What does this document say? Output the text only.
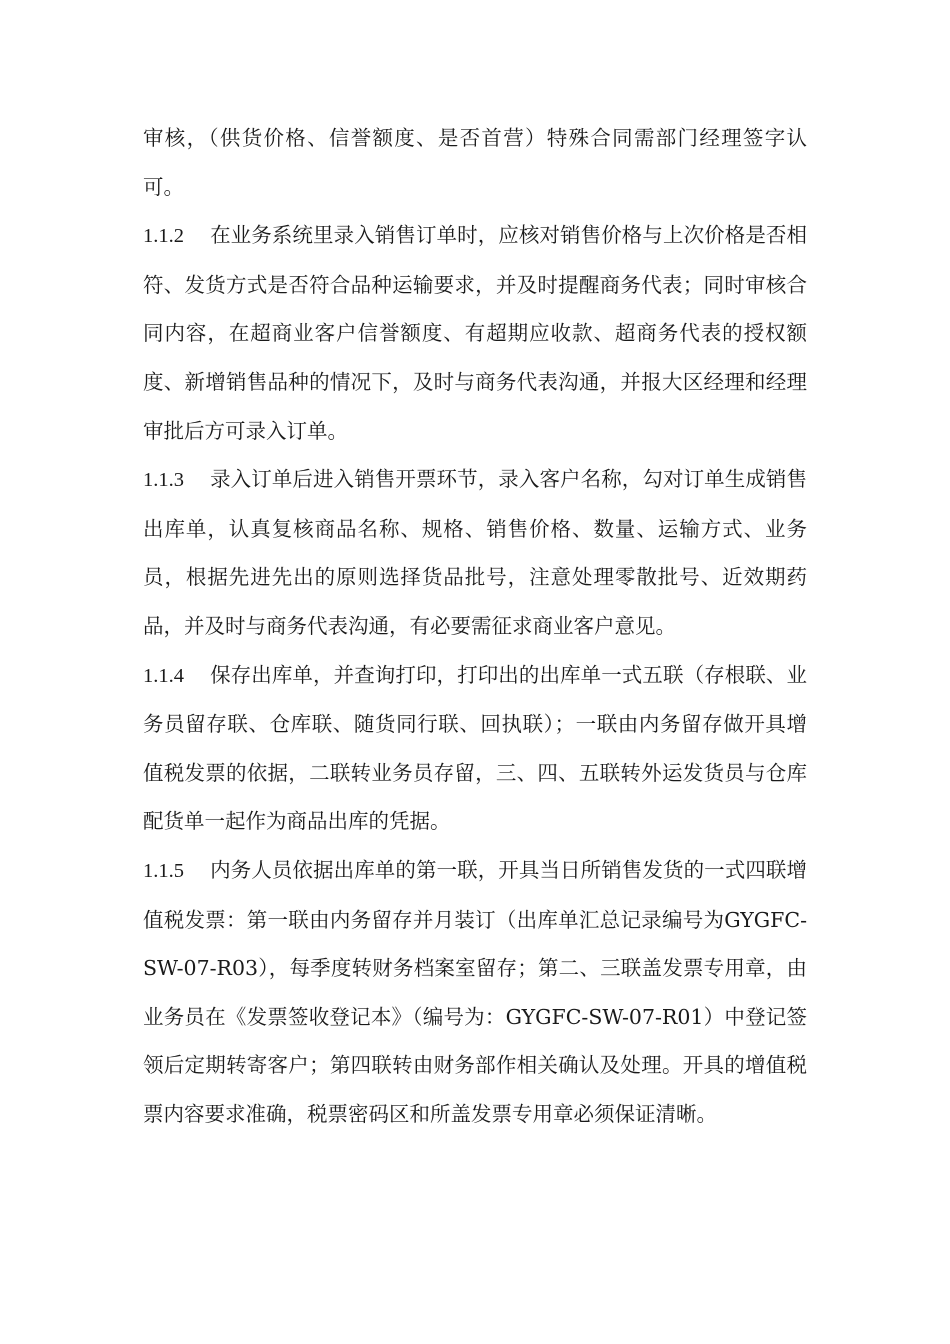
审核，（供货价格、信誉额度、是否首营）特殊合同需部门经理签字认可。

1.1.2 在业务系统里录入销售订单时，应核对销售价格与上次价格是否相符、发货方式是否符合品种运输要求，并及时提醒商务代表；同时审核合同内容，在超商业客户信誉额度、有超期应收款、超商务代表的授权额度、新增销售品种的情况下，及时与商务代表沟通，并报大区经理和经理审批后方可录入订单。

1.1.3 录入订单后进入销售开票环节，录入客户名称，勾对订单生成销售出库单，认真复核商品名称、规格、销售价格、数量、运输方式、业务员，根据先进先出的原则选择货品批号，注意处理零散批号、近效期药品，并及时与商务代表沟通，有必要需征求商业客户意见。

1.1.4 保存出库单，并查询打印，打印出的出库单一式五联（存根联、业务员留存联、仓库联、随货同行联、回执联）；一联由内务留存做开具增值税发票的依据，二联转业务员存留，三、四、五联转外运发货员与仓库配货单一起作为商品出库的凭据。

1.1.5 内务人员依据出库单的第一联，开具当日所销售发货的一式四联增值税发票：第一联由内务留存并月装订（出库单汇总记录编号为GYGFC-SW-07-R03），每季度转财务档案室留存；第二、三联盖发票专用章，由业务员在《发票签收登记本》（编号为：GYGFC-SW-07-R01）中登记签领后定期转寄客户；第四联转由财务部作相关确认及处理。开具的增值税票内容要求准确，税票密码区和所盖发票专用章必须保证清晰。
